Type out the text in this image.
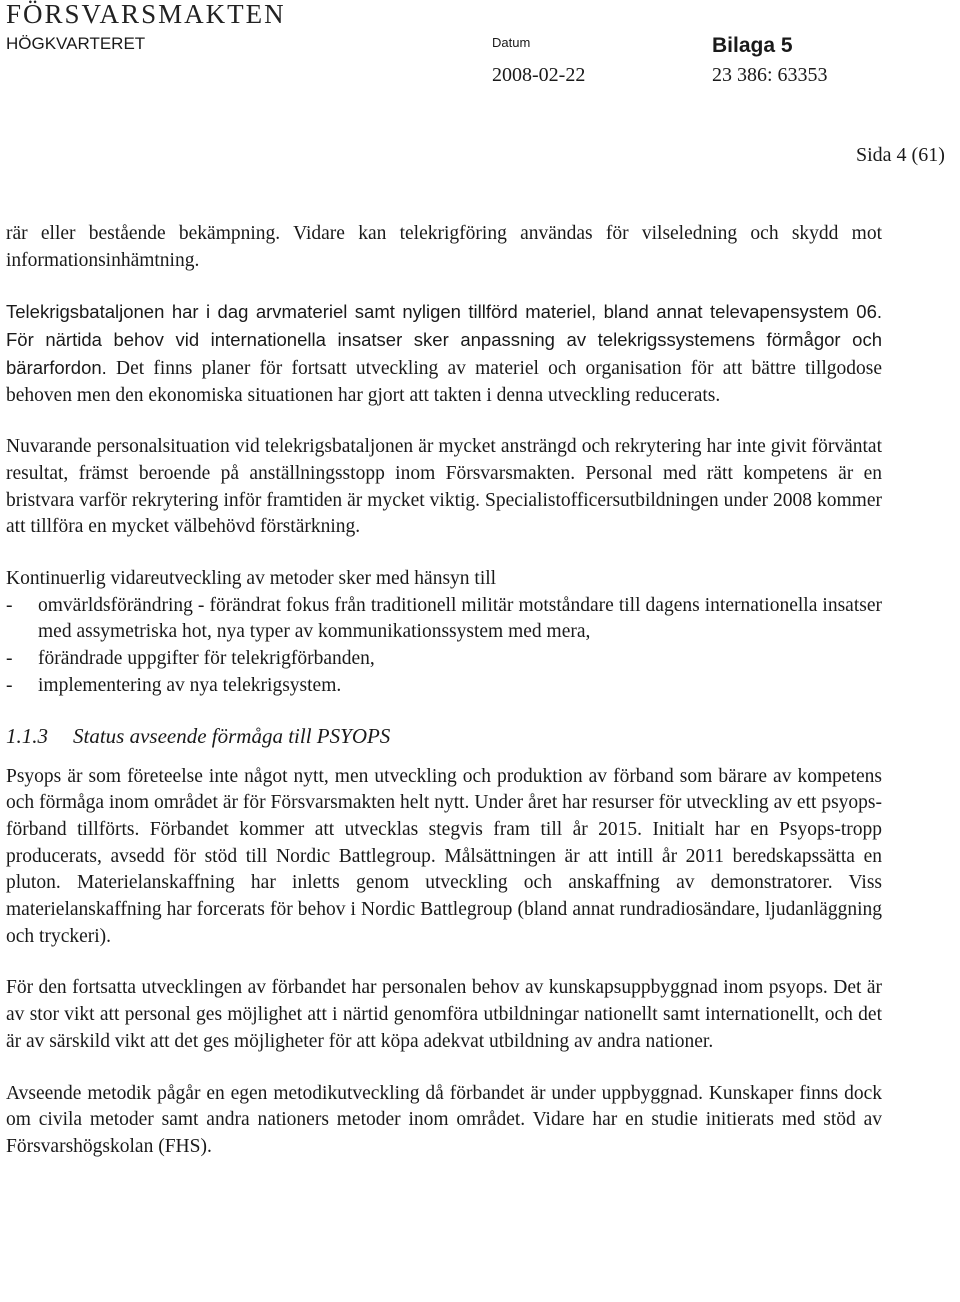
FÖRSVARSMAKTEN
HÖGKVARTERET	Datum	Bilaga 5
2008-02-22	23 386: 63353
Sida 4 (61)

rär eller bestående bekämpning. Vidare kan telekrigföring användas för vilseledning och skydd mot informationsinhämtning.

Telekrigsbataljonen har i dag arvmateriel samt nyligen tillförd materiel, bland annat televapensystem 06. För närtida behov vid internationella insatser sker anpassning av telekrigssystemens förmågor och bärarfordon. Det finns planer för fortsatt utveckling av materiel och organisation för att bättre tillgodose behoven men den ekonomiska situationen har gjort att takten i denna utveckling reducerats.

Nuvarande personalsituation vid telekrigsbataljonen är mycket ansträngd och rekrytering har inte givit förväntat resultat, främst beroende på anställningsstopp inom Försvarsmakten. Personal med rätt kompetens är en bristvara varför rekrytering inför framtiden är mycket viktig. Specialistofficersutbildningen under 2008 kommer att tillföra en mycket välbehövd förstärkning.

Kontinuerlig vidareutveckling av metoder sker med hänsyn till

- omvärldsförändring - förändrat fokus från traditionell militär motståndare till dagens internationella insatser med assymetriska hot, nya typer av kommunikationssystem med mera,
- förändrade uppgifter för telekrigförbanden,
- implementering av nya telekrigsystem.
1.1.3 Status avseende förmåga till PSYOPS

Psyops är som företeelse inte något nytt, men utveckling och produktion av förband som bärare av kompetens och förmåga inom området är för Försvarsmakten helt nytt. Under året har resurser för utveckling av ett psyops-förband tillförts. Förbandet kommer att utvecklas stegvis fram till år 2015. Initialt har en Psyops-tropp producerats, avsedd för stöd till Nordic Battlegroup. Målsättningen är att intill år 2011 beredskapssätta en pluton. Materielanskaffning har inletts genom utveckling och anskaffning av demonstratorer. Viss materielanskaffning har forcerats för behov i Nordic Battlegroup (bland annat rundradiosändare, ljudanläggning och tryckeri).

För den fortsatta utvecklingen av förbandet har personalen behov av kunskapsuppbyggnad inom psyops. Det är av stor vikt att personal ges möjlighet att i närtid genomföra utbildningar nationellt samt internationellt, och det är av särskild vikt att det ges möjligheter för att köpa adekvat utbildning av andra nationer.

Avseende metodik pågår en egen metodikutveckling då förbandet är under uppbyggnad. Kunskaper finns dock om civila metoder samt andra nationers metoder inom området. Vidare har en studie initierats med stöd av Försvarshögskolan (FHS).
